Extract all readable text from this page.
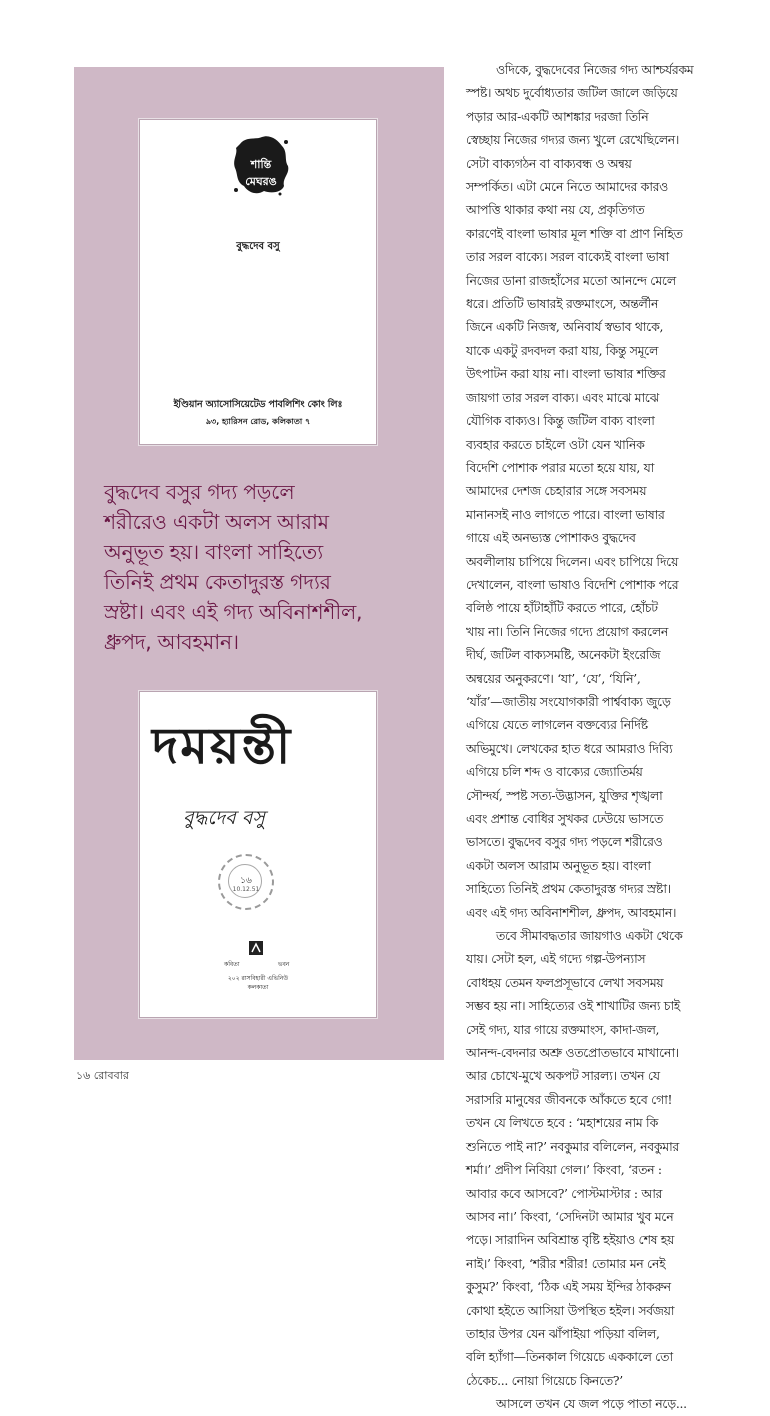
শান্তি
মেঘরঙ
বুদ্ধদেব বসু
ইণ্ডিয়ান অ্যাসোসিয়েটেড পাবলিশিং কোং লিঃ
৯৩, হ্যারিসন রোড, কলিকাতা ৭

বুদ্ধদেব বসুর গদ্য পড়লে

শরীরেও একটা অলস আরাম

অনুভূত হয়। বাংলা সাহিত্যে

তিনিই প্রথম কেতাদুরস্ত গদ্যর

স্রষ্টা। এবং এই গদ্য অবিনাশশীল,

ধ্রুপদ, আবহমান।

দময়ন্তী
বুদ্ধদেব বসু
১৬
10.12.51
কবিতা	ভবন
২০২ রাসবিহারী এভিনিউ
কলকাতা

ওদিকে, বুদ্ধদেবের নিজের গদ্য আশ্চর্যরকম

স্পষ্ট। অথচ দুর্বোধ্যতার জটিল জালে জড়িয়ে

পড়ার আর-একটি আশঙ্কার দরজা তিনি

স্বেচ্ছায় নিজের গদ্যর জন্য খুলে রেখেছিলেন।

সেটা বাক্যগঠন বা বাক্যবন্ধ ও অন্বয়

সম্পর্কিত। এটা মেনে নিতে আমাদের কারও

আপত্তি থাকার কথা নয় যে, প্রকৃতিগত

কারণেই বাংলা ভাষার মূল শক্তি বা প্রাণ নিহিত

তার সরল বাক্যে। সরল বাক্যেই বাংলা ভাষা

নিজের ডানা রাজহাঁসের মতো আনন্দে মেলে

ধরে। প্রতিটি ভাষারই রক্তমাংসে, অন্তর্লীন

জিনে একটি নিজস্ব, অনিবার্য স্বভাব থাকে,

যাকে একটু রদবদল করা যায়, কিন্তু সমূলে

উৎপাটন করা যায় না। বাংলা ভাষার শক্তির

জায়গা তার সরল বাক্য। এবং মাঝে মাঝে

যৌগিক বাক্যও। কিন্তু জটিল বাক্য বাংলা

ব্যবহার করতে চাইলে ওটা যেন খানিক

বিদেশি পোশাক পরার মতো হয়ে যায়, যা

আমাদের দেশজ চেহারার সঙ্গে সবসময়

মানানসই নাও লাগতে পারে। বাংলা ভাষার

গায়ে এই অনভ্যস্ত পোশাকও বুদ্ধদেব

অবলীলায় চাপিয়ে দিলেন। এবং চাপিয়ে দিয়ে

দেখালেন, বাংলা ভাষাও বিদেশি পোশাক পরে

বলিষ্ঠ পায়ে হাঁটাহাঁটি করতে পারে, হোঁচট

খায় না। তিনি নিজের গদ্যে প্রয়োগ করলেন

দীর্ঘ, জটিল বাক্যসমষ্টি, অনেকটা ইংরেজি

অন্বয়ের অনুকরণে। ‘যা’, ‘যে’, ‘যিনি’,

‘যাঁর’—জাতীয় সংযোগকারী পার্শ্ববাক্য জুড়ে

এগিয়ে যেতে লাগলেন বক্তব্যের নির্দিষ্ট

অভিমুখে। লেখকের হাত ধরে আমরাও দিব্যি

এগিয়ে চলি শব্দ ও বাক্যের জ্যোতির্ময়

সৌন্দর্য, স্পষ্ট সত্য-উদ্ভাসন, যুক্তির শৃঙ্খলা

এবং প্রশান্ত বোধির সুখকর ঢেউয়ে ভাসতে

ভাসতে। বুদ্ধদেব বসুর গদ্য পড়লে শরীরেও

একটা অলস আরাম অনুভূত হয়। বাংলা

সাহিত্যে তিনিই প্রথম কেতাদুরস্ত গদ্যর স্রষ্টা।

এবং এই গদ্য অবিনাশশীল, ধ্রুপদ, আবহমান।

তবে সীমাবদ্ধতার জায়গাও একটা থেকে

যায়। সেটা হল, এই গদ্যে গল্প-উপন্যাস

বোধহয় তেমন ফলপ্রসূভাবে লেখা সবসময়

সম্ভব হয় না। সাহিত্যের ওই শাখাটির জন্য চাই

সেই গদ্য, যার গায়ে রক্তমাংস, কাদা-জল,

আনন্দ-বেদনার অশ্রু ওতপ্রোতভাবে মাখানো।

আর চোখে-মুখে অকপট সারল্য। তখন যে

সরাসরি মানুষের জীবনকে আঁকতে হবে গো!

তখন যে লিখতে হবে : ‘মহাশয়ের নাম কি

শুনিতে পাই না?’ নবকুমার বলিলেন, নবকুমার

শর্মা।’ প্রদীপ নিবিয়া গেল।’ কিংবা, ‘রতন :

আবার কবে আসবে?’ পোস্টমাস্টার : আর

আসব না।’ কিংবা, ‘সেদিনটা আমার খুব মনে

পড়ে। সারাদিন অবিশ্রান্ত বৃষ্টি হইয়াও শেষ হয়

নাই।’ কিংবা, ‘শরীর শরীর! তোমার মন নেই

কুসুম?’ কিংবা, ‘ঠিক এই সময় ইন্দির ঠাকরুন

কোথা হইতে আসিয়া উপস্থিত হইল। সর্বজয়া

তাহার উপর যেন ঝাঁপাইয়া পড়িয়া বলিল,

বলি হ্যাঁগা—তিনকাল গিয়েচে এককালে তো

ঠেকেচ... নোয়া গিয়েচে কিনতে?’

আসলে তখন যে জল পড়ে পাতা নড়ে...

১৬ রোববার
